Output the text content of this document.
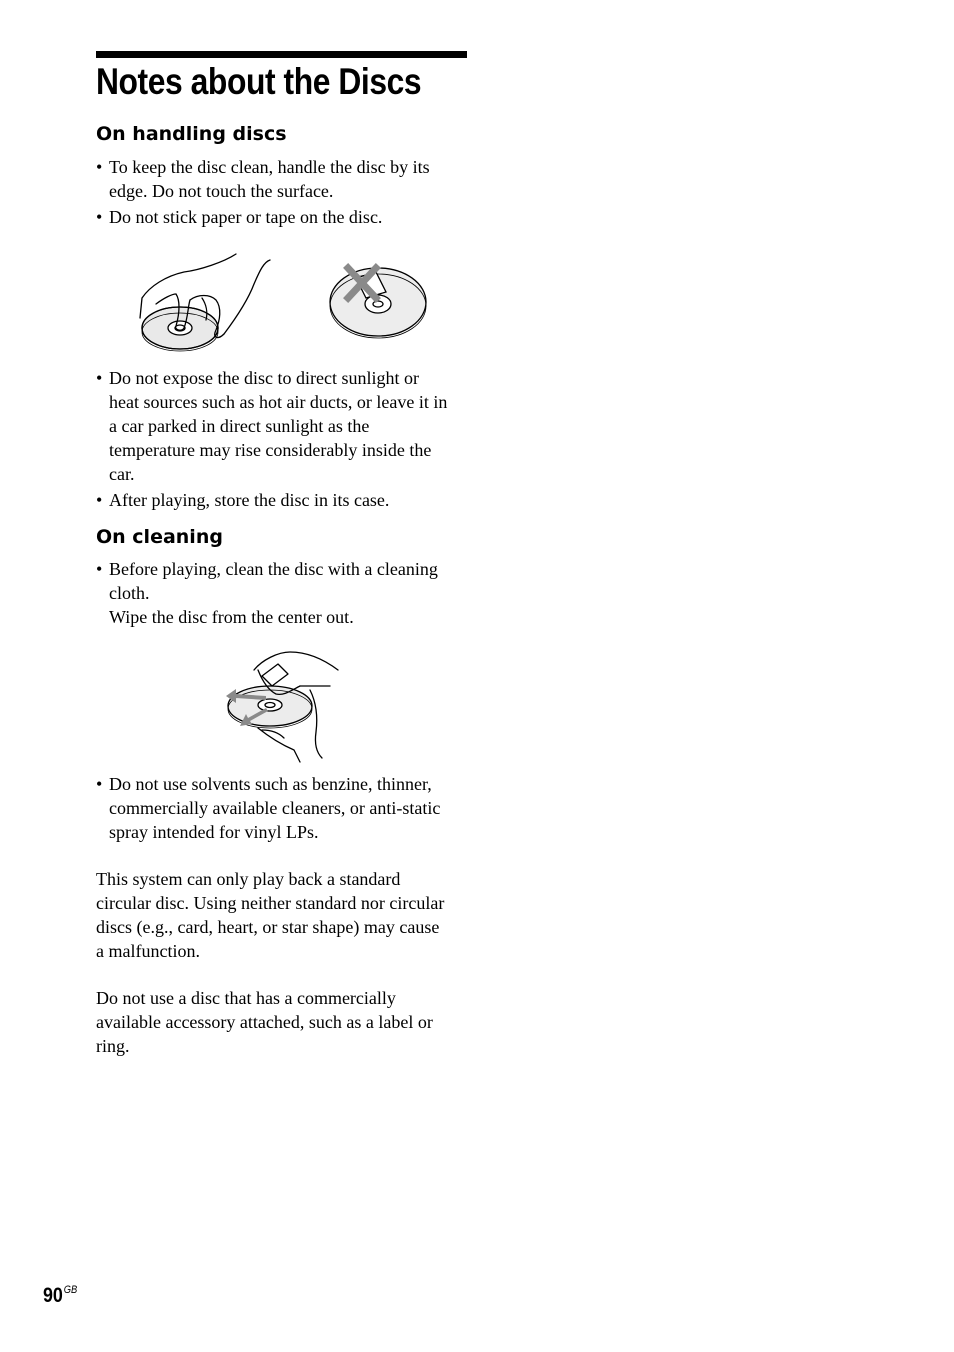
Notes about the Discs
On handling discs
• To keep the disc clean, handle the disc by its
edge. Do not touch the surface.
• Do not stick paper or tape on the disc.
• Do not expose the disc to direct sunlight or
heat sources such as hot air ducts, or leave it in
a car parked in direct sunlight as the
temperature may rise considerably inside the
car.
• After playing, store the disc in its case.
On cleaning
• Before playing, clean the disc with a cleaning
cloth.
Wipe the disc from the center out.
• Do not use solvents such as benzine, thinner,
commercially available cleaners, or anti-static
spray intended for vinyl LPs.

This system can only play back a standard
circular disc. Using neither standard nor circular
discs (e.g., card, heart, or star shape) may cause
a malfunction.

Do not use a disc that has a commercially
available accessory attached, such as a label or
ring.

$90^{GB}$
